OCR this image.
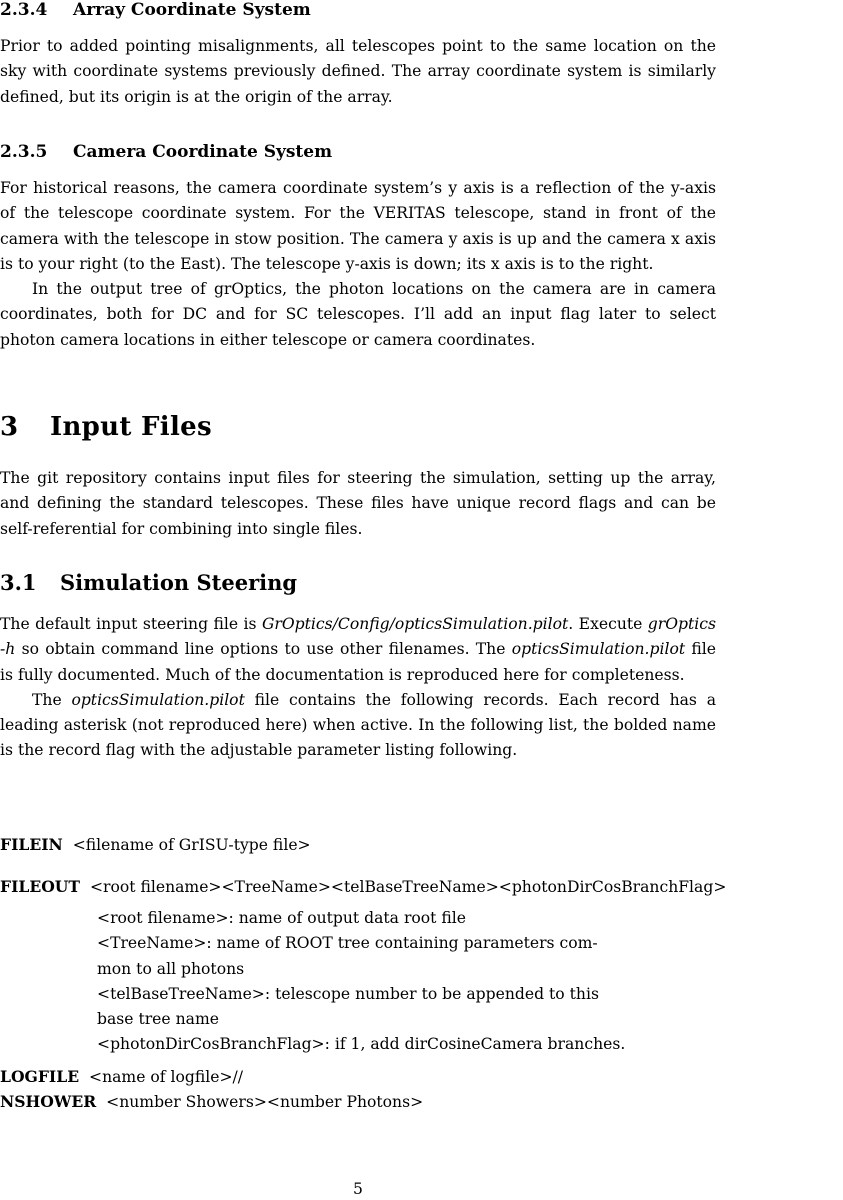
2.3.4 Array Coordinate System

Prior to added pointing misalignments, all telescopes point to the same location on the sky with coordinate systems previously defined. The array coordinate system is similarly defined, but its origin is at the origin of the array.

2.3.5 Camera Coordinate System

For historical reasons, the camera coordinate system’s y axis is a reflection of the y-axis of the telescope coordinate system. For the VERITAS telescope, stand in front of the camera with the telescope in stow position. The camera y axis is up and the camera x axis is to your right (to the East). The telescope y-axis is down; its x axis is to the right.

In the output tree of grOptics, the photon locations on the camera are in camera coordinates, both for DC and for SC telescopes. I’ll add an input flag later to select photon camera locations in either telescope or camera coordinates.

3 Input Files

The git repository contains input files for steering the simulation, setting up the array, and defining the standard telescopes. These files have unique record flags and can be self-referential for combining into single files.

3.1 Simulation Steering

The default input steering file is GrOptics/Config/opticsSimulation.pilot. Execute grOptics -h so obtain command line options to use other filenames. The opticsSimulation.pilot file is fully documented. Much of the documentation is reproduced here for completeness.

The opticsSimulation.pilot file contains the following records. Each record has a leading asterisk (not reproduced here) when active. In the following list, the bolded name is the record flag with the adjustable parameter listing following.

FILEIN <filename of GrISU-type file>
FILEOUT <root filename><TreeName><telBaseTreeName><photonDirCosBranchFlag>
<root filename>: name of output data root file
<TreeName>: name of ROOT tree containing parameters com-
mon to all photons
<telBaseTreeName>: telescope number to be appended to this
base tree name
<photonDirCosBranchFlag>: if 1, add dirCosineCamera branches.
LOGFILE <name of logfile>//
NSHOWER <number Showers><number Photons>
5
